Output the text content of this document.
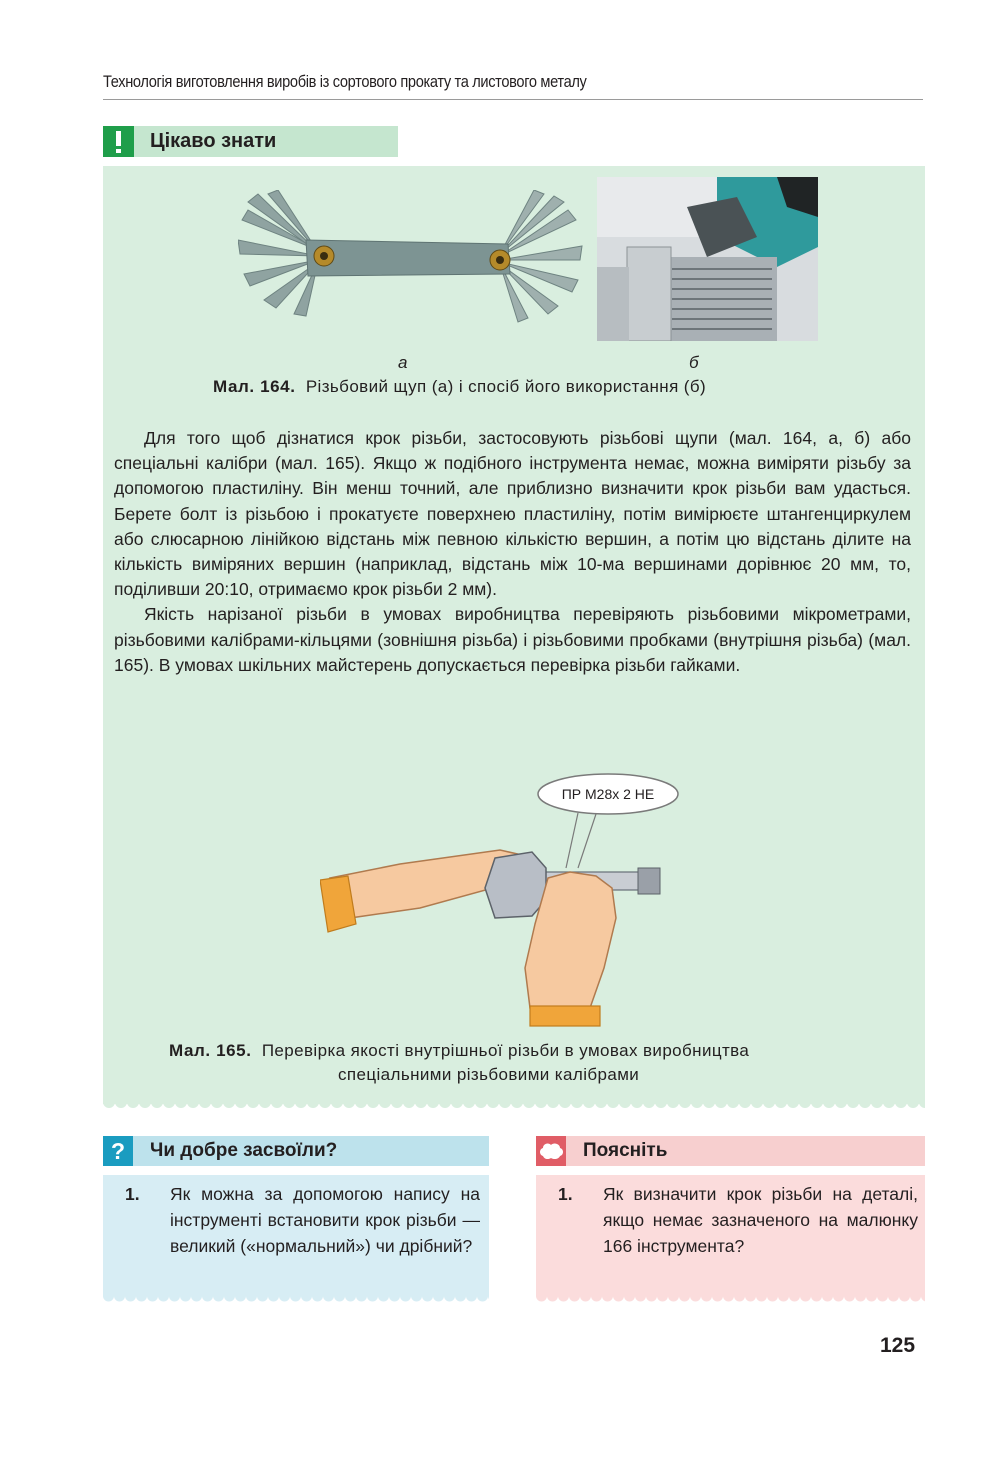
Технологія виготовлення виробів із сортового прокату та листового металу
Цікаво знати
а	б
Мал. 164. Різьбовий щуп (а) і спосіб його використання (б)

Для того щоб дізнатися крок різьби, застосовують різьбові щупи (мал. 164, а, б) або спеціальні калібри (мал. 165). Якщо ж подібного інструмента немає, можна виміряти різьбу за допомогою пластиліну. Він менш точний, але приблизно визначити крок різьби вам удасться. Берете болт із різьбою і прокатуєте поверхнею пластиліну, потім вимірюєте штангенциркулем або слюсарною лінійкою відстань між певною кількістю вершин, а потім цю відстань ділите на кількість виміряних вершин (наприклад, відстань між 10-ма вершинами дорівнює 20 мм, то, поділивши 20:10, отримаємо крок різьби 2 мм).

Якість нарізаної різьби в умовах виробництва перевіряють різьбовими мікрометрами, різьбовими калібрами-кільцями (зовнішня різьба) і різьбовими пробками (внутрішня різьба) (мал. 165). В умовах шкільних майстерень допускається перевірка різьби гайками.

ПР М28х 2 НЕ
Мал. 165. Перевірка якості внутрішньої різьби в умовах виробництва
спеціальними різьбовими калібрами
?	Чи добре засвоїли?
1. Як можна за допомогою напису на інструменті встановити крок різьби — великий («нормальний») чи дрібний?
Поясніть
1. Як визначити крок різьби на деталі, якщо немає зазначеного на малюнку 166 інструмента?
125
